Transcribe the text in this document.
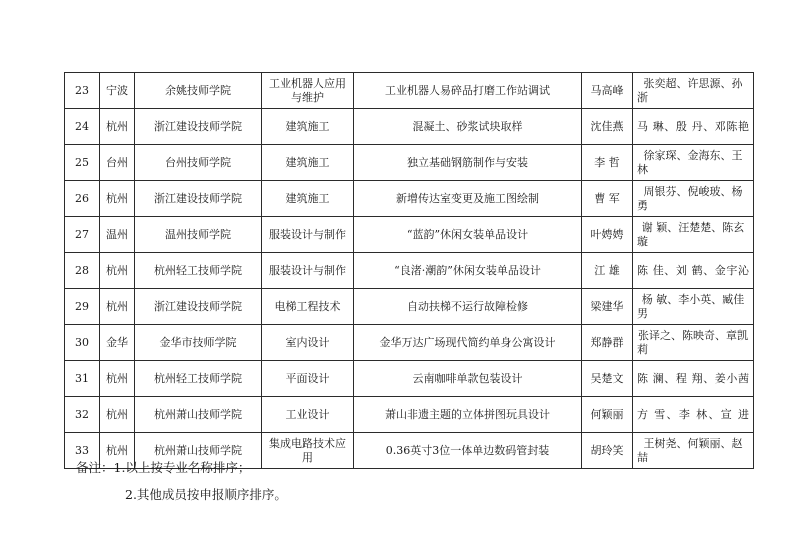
23	宁波	余姚技师学院	工业机器人应用与维护	工业机器人易碎品打磨工作站调试	马高峰	张奕超、许思源、孙 浙
24	杭州	浙江建设技师学院	建筑施工	混凝土、砂浆试块取样	沈佳燕	马 琳、殷 丹、邓陈艳
25	台州	台州技师学院	建筑施工	独立基础钢筋制作与安装	李 哲	徐家琛、金海东、王 林
26	杭州	浙江建设技师学院	建筑施工	新增传达室变更及施工图绘制	曹 军	周银芬、倪峻玻、杨 勇
27	温州	温州技师学院	服装设计与制作	“蓝韵”休闲女装单品设计	叶娉娉	谢 颖、汪楚楚、陈玄璇
28	杭州	杭州轻工技师学院	服装设计与制作	“良渚·潮韵”休闲女装单品设计	江 雄	陈 佳、刘 鹤、金宇沁
29	杭州	浙江建设技师学院	电梯工程技术	自动扶梯不运行故障检修	梁建华	杨 敏、李小英、臧佳男
30	金华	金华市技师学院	室内设计	金华万达广场现代简约单身公寓设计	郑静群	张译之、陈映奇、章凯莉
31	杭州	杭州轻工技师学院	平面设计	云南咖啡单款包装设计	吴楚文	陈 澜、程 翔、姜小茜
32	杭州	杭州萧山技师学院	工业设计	萧山非遗主题的立体拼图玩具设计	何颖丽	方 雪、李 林、宣 进
33	杭州	杭州萧山技师学院	集成电路技术应用	0.36英寸3位一体单边数码管封装	胡玲笑	王树尧、何颖丽、赵 喆
备注：1.以上按专业名称排序；
2.其他成员按申报顺序排序。
